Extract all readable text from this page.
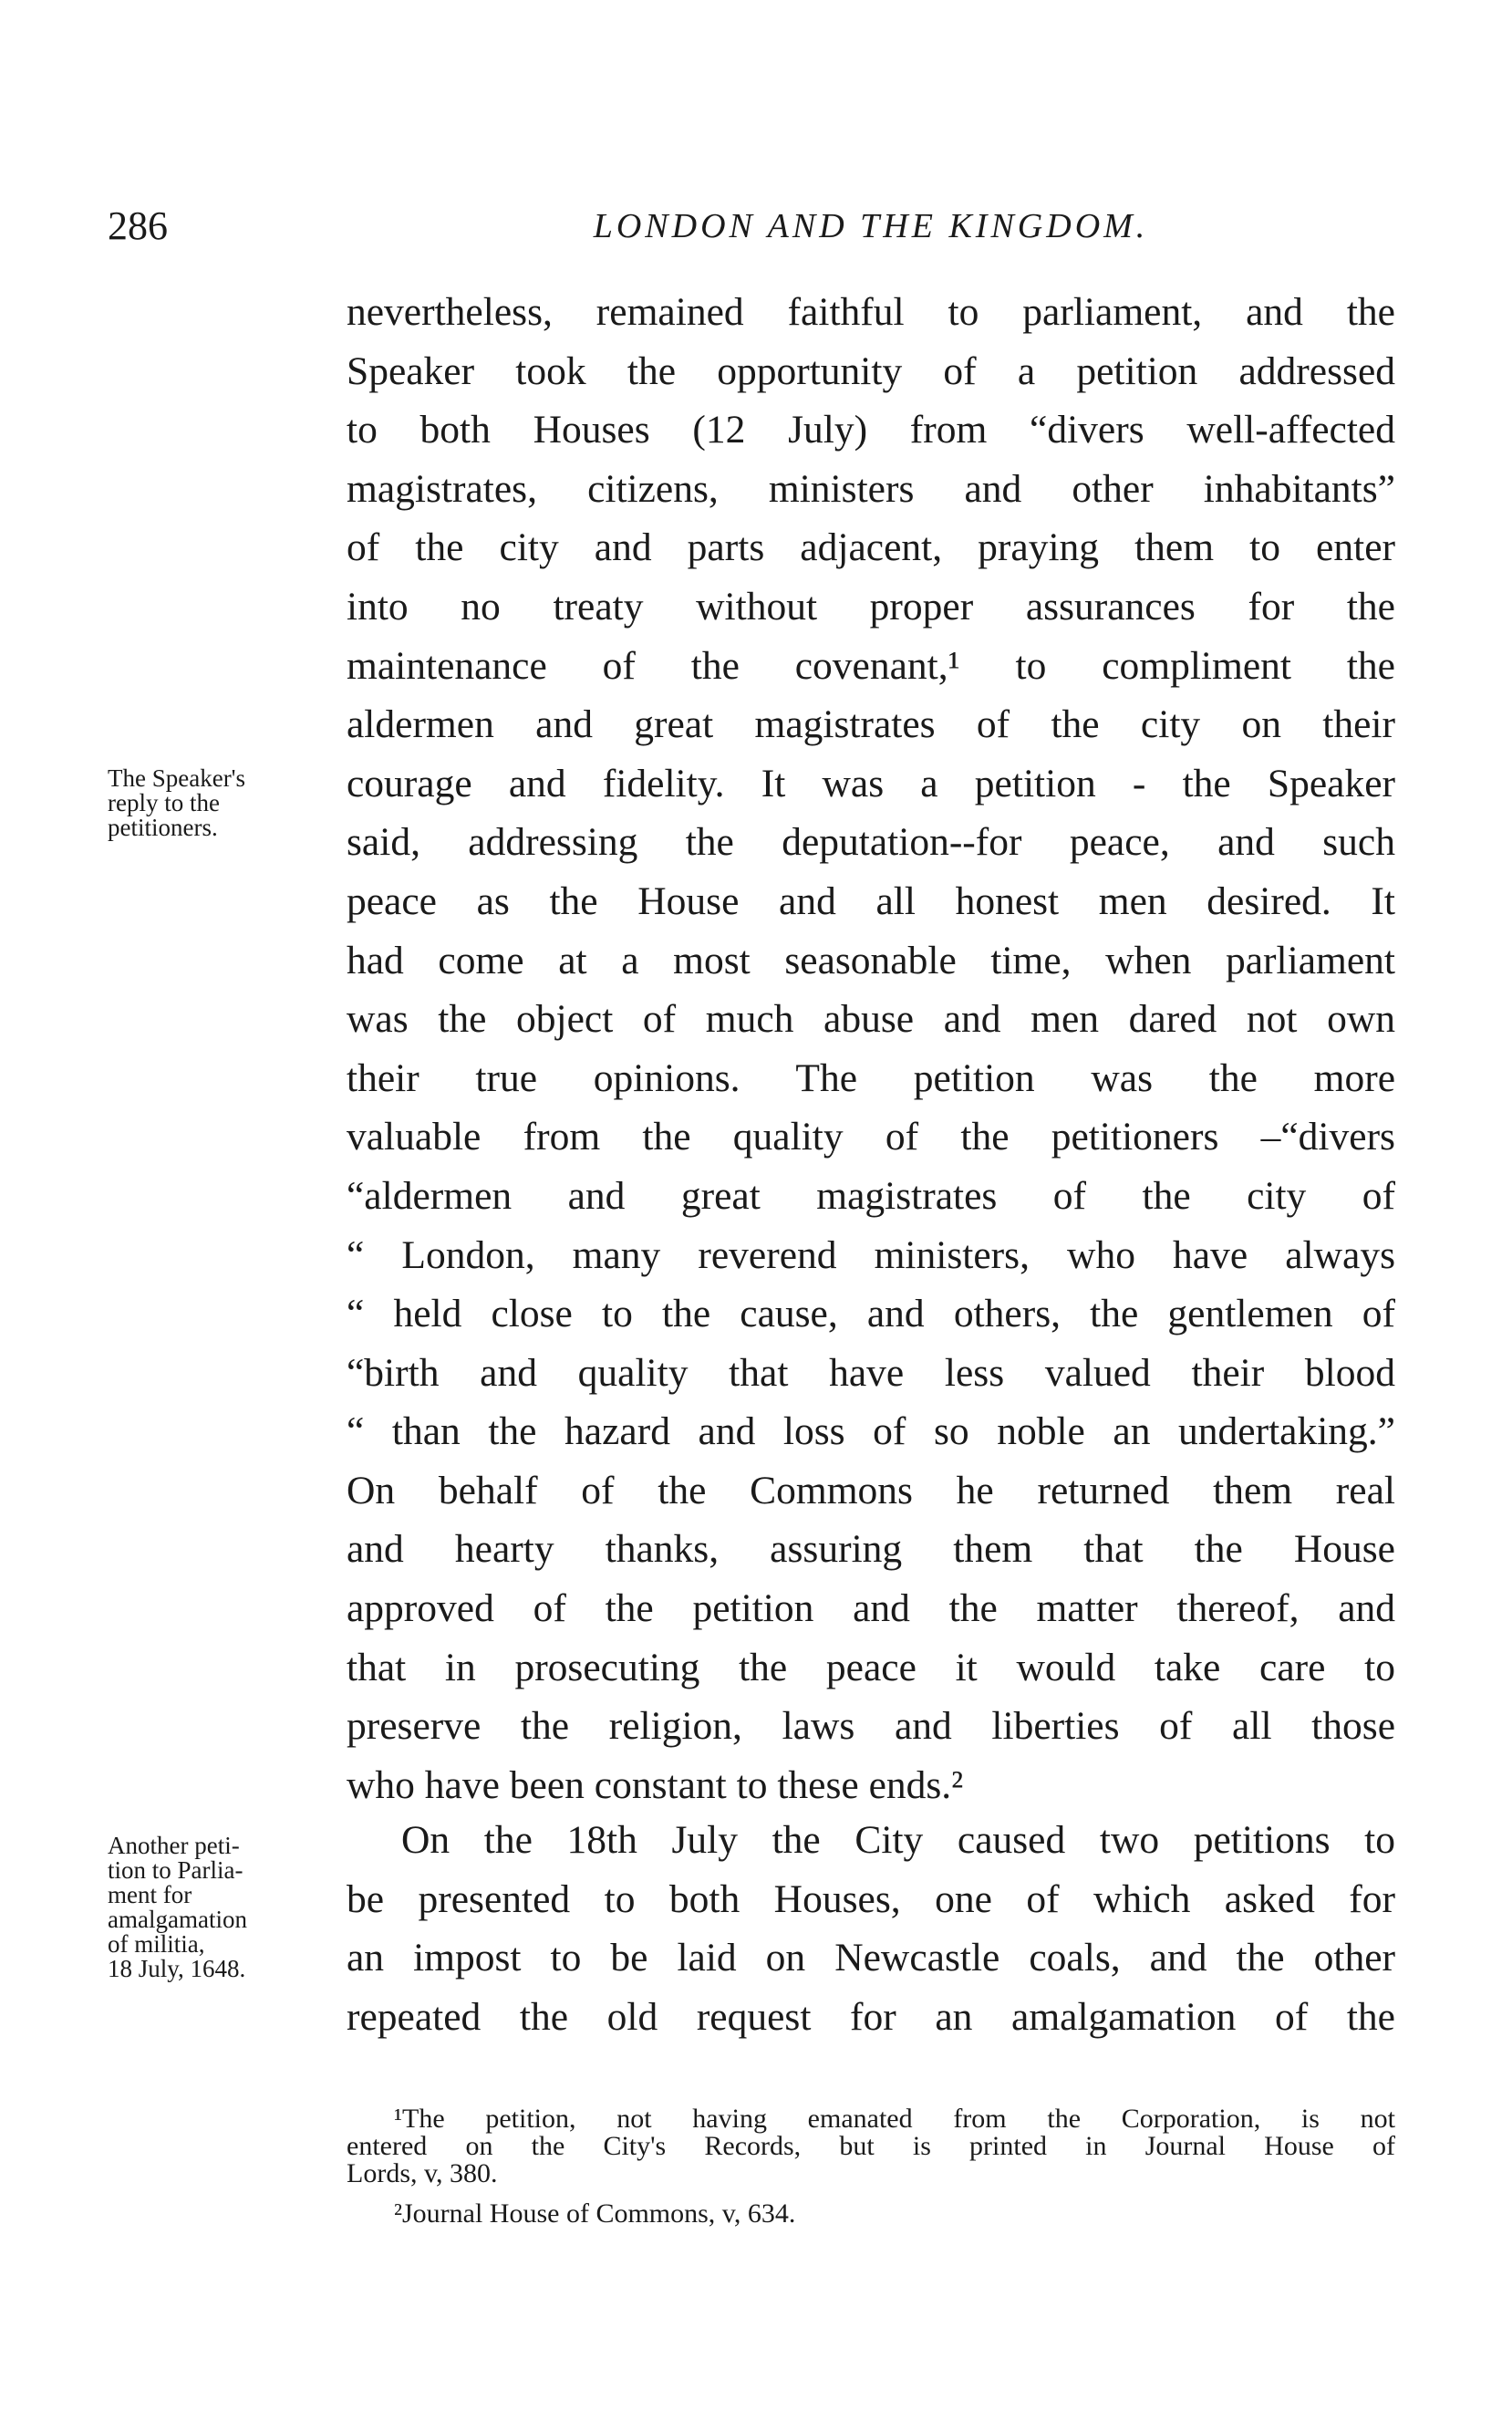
286	LONDON AND THE KINGDOM.
The Speaker's
reply to the
petitioners.
nevertheless, remained faithful to parliament, and the
Speaker took the opportunity of a petition addressed
to both Houses (12 July) from “divers well-affected
magistrates, citizens, ministers and other inhabitants”
of the city and parts adjacent, praying them to enter
into no treaty without proper assurances for the
maintenance of the covenant,¹ to compliment the
aldermen and great magistrates of the city on their
courage and fidelity. It was a petition - the Speaker
said, addressing the deputation--for peace, and such
peace as the House and all honest men desired. It
had come at a most seasonable time, when parliament
was the object of much abuse and men dared not own
their true opinions. The petition was the more
valuable from the quality of the petitioners –“divers
“aldermen and great magistrates of the city of
“ London, many reverend ministers, who have always
“ held close to the cause, and others, the gentlemen of
“birth and quality that have less valued their blood
“ than the hazard and loss of so noble an undertaking.”
On behalf of the Commons he returned them real
and hearty thanks, assuring them that the House
approved of the petition and the matter thereof, and
that in prosecuting the peace it would take care to
preserve the religion, laws and liberties of all those
who have been constant to these ends.²
Another peti-
tion to Parlia-
ment for
amalgamation
of militia,
18 July, 1648.
On the 18th July the City caused two petitions to
be presented to both Houses, one of which asked for
an impost to be laid on Newcastle coals, and the other
repeated the old request for an amalgamation of the
¹The petition, not having emanated from the Corporation, is not
entered on the City's Records, but is printed in Journal House of
Lords, v, 380.
²Journal House of Commons, v, 634.
